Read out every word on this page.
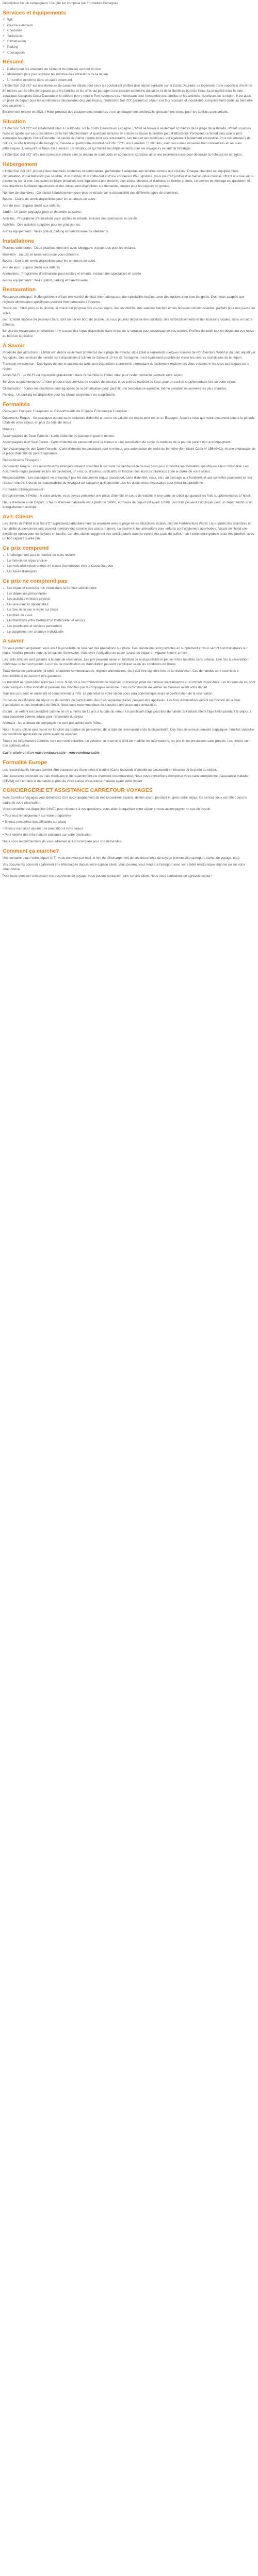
Description Ce joli campagnard ! Ce gîte est composé par Formalités Consignes

Services et équipements
✔ Wifi
✔ Pisicne extérieure
✔ Cheminée
✔ Télévision
✔ Climatisation
✔ Parking
✔ Coucageurs
Résumé
● Parfait pour les amateurs de calme et de plénière au bord du lieu
● Idéalement plus pour explorer les nombreuses attractions de la région
● Un confort moderne dans un cadre charmant

L'Hôtel Bon Sol d'O" est une demeure de caractère idéale pour ceux qui souhaitent profiter d'un séjour agréable sur la Costa Daurada. Le logement d'une superficie d'environ 50 mètres carrés offre de la place pour les familles et les amis qui partagent une passion commune du calme et de la liberté au bord de l'eau. Sa proximité avec le parc aquatique Aquopolis Costa Daurada et le célèbre port y rend le Port Aventura très intéressant pour l'ensemble des familles et les activités historiques de la région. Il est aussi un point de départ pour les nombreuses découvertes des vins locaux, l'Hôtel Bon Sol d'O" garantit un séjour à la fois reposant et inoubliable, complètement dédié au bien-être des vacanciers.

Entièrement rénové en 2021, l'Hôtel propose des équipements modernes et un aménagement confortable spécialement conçu pour les familles avec enfants.

Situation

L'Hôtel Bon Sol d'O" est idéalement situé à La Pineda, sur la Costa Daurada en Espagne. L'hôtel se trouve à seulement 50 mètres de la plage de la Pineda, offrant un accès facile et rapide aux eaux cristallines de la mer Méditerranée. À quelques minutes en voiture se trouve le célèbre parc d'attractions PortAventura World ainsi que le parc aquatique Aquopolis Costa Daurada. Le centre de Salou, réputé pour ses restaurants, ses bars et ses boutiques, est également facilement accessible. Pour les amateurs de culture, la ville historique de Tarragone, classée au patrimoine mondial de l'UNESCO, est à environ 15 minutes, avec ses ruines romaines bien conservées et ses rues pittoresques. L'aéroport de Reus est à environ 10 minutes, ce qui facilite les déplacements pour les voyageurs venant de l'étranger.

L'Hôtel Bon Sol d'O" offre une connexion idéale avec le réseau de transports en commun et constitue ainsi une excellente base pour découvrir la richesse de la région.

Hébergement

L'Hôtel Bon Sol d'O" propose des chambres modernes et confortables, parfaitement adaptées aux familles comme aux couples. Chaque chambre est équipée d'une climatisation, d'une télévision par satellite, d'un minibar, d'un coffre-fort et d'une connexion Wi-Fi gratuite. Vous pourrez profiter d'un balcon privé meublé, offrant une vue sur la piscine ou sur la mer. Les salles de bains privatives sont équipées d'une douche, d'un sèche-cheveux et d'articles de toilette gratuits. Le service de ménage est quotidien, et des chambres familiales spacieuses et des suites sont disponibles sur demande, idéales pour les séjours en groupe.

Nombre de chambres : Contactez l'établissement pour plus de détails sur la disponibilité des différents types de chambres.

Sports : Courts de tennis disponibles pour les amateurs de sport.

Aire de jeux : Espace dédié aux enfants.

Jardin : Un jardin paysager pour se détendre au calme.

Activités : Programme d'animations pour adultes et enfants, incluant des spectacles en soirée.

Activités : Des activités adaptées pour les plus jeunes.

Autres équipements : Wi-Fi gratuit, parking et blanchisserie de vêtements.

Installations

Piscines extérieures : Deux piscines, dont une avec toboggans et pour tous pour les enfants.

Bien-être : Jacuzzi et bains turcs pour vous détendre.

Sports : Courts de tennis disponibles pour les amateurs de sport.

Aire de jeux : Espace dédié aux enfants.

Animations : Programme d'animations pour adultes et enfants, incluant des spectacles en soirée.

Autres équipements : Wi-Fi gratuit, parking et blanchisserie.

Restauration

Restaurant principal : Buffet généreux offrant une variété de plats internationaux et des spécialités locales, avec des options pour tous les goûts. Des repas adaptés aux régimes alimentaires spécifiques peuvent être demandés à l'avance.

Snack-bar : Situé près de la piscine, le snack-bar propose des en-cas légers, des sandwichs, des salades fraîches et des boissons rafraîchissantes, parfaits pour une pause au soleil.

Bar : L'Hôtel dispose de plusieurs bars, dont un bar en bord de piscine, où vous pourrez déguster des cocktails, des rafraîchissements et des boissons locales, dans un cadre détendu.

Service de restauration en chambre : Il y a aussi des repas disponibles dans le bar de la terrasse pour accompagner vos soirées. Profitez du soleil tout en dégustant vos repas au bord de la piscine.

À Savoir

Proximité des attractions : L'hôtel est idéal à seulement 50 mètres de la plage de Pineda, situé idéal à seulement quelques minutes de PortAventura World et du parc aquatique Aquopolis. Des services de navette sont disponibles à 5,5 km de Salou et 10 km de Tarragone. Il est également possible de visiter les centres touristiques de la région.

Transport en commun : Des lignes de bus et stations de taxis sont disponibles à proximité, permettant de facilement explorer les villes voisines et les sites touristiques de la région.

Accès Wi-Fi : Le Wi-Fi est disponible gratuitement dans l'ensemble de l'hôtel, idéal pour rester connecté pendant votre séjour.

Services supplémentaires : L'hôtel propose des services de location de voitures et de prêt de matériel de loisir, pour un confort supplémentaire lors de votre séjour.

Climatisation : Toutes les chambres sont équipées de la climatisation pour garantir une température agréable, même pendant les journées les plus chaudes.

Parking : Un parking est disponible pour les clients moyennant un supplément.

Formalités

Passagers Français, Européens ou Ressortissants de l'Espace Économique Européen :

Documents Requis : Un passeport ou une carte nationale d'identité en cours de validité est requis pour entrer en Espagne. Assurez-vous que votre document couvre la période totale de votre séjour, en plus du délai de retour.

Mineurs :

Accompagnés de Deux Parents : Carte d'identité ou passeport pour le mineur.

Accompagnés d'un Seul Parent : Carte d'identité ou passeport pour le mineur et une autorisation de sortie du territoire de la part du parent non accompagnant.

Non Accompagnés des Deux Parents : Carte d'identité ou passeport pour le mineur, une autorisation de sortie du territoire (formulaire Cerfa n° 15646*01), et une photocopie de la pièce d'identité du parent signataire.

Ressortissants Étrangers :

Documents Requis : Les ressortissants étrangers doivent consulter le consulat ou l'ambassade de leur pays pour connaître les formalités spécifiques à leur nationalité. Les documents requis peuvent inclure un passeport, un visa, ou d'autres justificatifs en fonction des accords bilatéraux et de la durée de votre séjour.

Responsabilités : Les passagers ne présentant pas les documents requis (passeport, carte d'identité, visas, etc.) au passage aux frontières et aux contrôles pourraient se voir refuser l'entrée. Il est de la responsabilité du voyageur de s'assurer qu'il possède tous les documents nécessaires pour éviter tout problème.

Formalités d'Enregistrement :

Enregistrement à l'Hôtel : À votre arrivée, vous devrez présenter une pièce d'identité en cours de validité et une carte de crédit qui garantit les frais supplémentaires à l'hôtel.

Heure d'Arrivée et de Départ : L'heure d'arrivée habituelle est à partir de 14h00, et l'heure de départ est avant 10h00. Des frais peuvent s'appliquer pour un départ tardif ou un enregistrement anticipé.

Avis Clients

Les clients de l'Hôtel Bon Sol d'O" apprécient particulièrement sa proximité avec la plage et les attractions locales, comme PortAventura World. La propreté des chambres et l'amabilité du personnel sont souvent mentionnées comme des atouts majeurs. La piscine et les animations pour enfants sont également appréciées, faisant de l'hôtel une excellente option pour les séjours en famille. Certains clients suggèrent des améliorations dans la variété des plats du buffet, mais l'expérience globale reste très positive, avec un bon rapport qualité-prix.

Ce prix comprend
● L'hébergement pour le nombre de nuits réservé
● La formule de repas choisie
● Les vols aller-retour opérés en classe économique vers la Costa Daurada
● Les taxes d'aéroport
Ce prix ne comprend pas
● Les repas et boissons non inclus dans la formule sélectionnée
● Les dépenses personnelles
● Les activités et loisirs payants
● Les assurances optionnelles
● La taxe de séjour à régler sur place
● Les frais de visas
● Les transferts entre l'aéroport et l'hôtel (aller et retour)
● Les pourboires et services personnels
● Le supplément en chambre individuelle
A savoir

En vous portant acquéreur, vous avez la possibilité de réserver des prestations sur place. Ces prestations sont payantes en supplément et vous seront communiquées sur place. Veuillez prendre note qu'en cas de réservation, vous avez l'obligation de payer la taxe de séjour en vigueur à votre arrivée.

Les tarifs affichés sont garantis à la date de réservation. Les prix peuvent varier en fonction de la disponibilité et peuvent être modifiés sans préavis. Une fois la réservation confirmée, le tarif est garanti. Les frais de modification ou d'annulation peuvent s'appliquer selon les conditions de l'hôtel.

Toute demande particulière (lit bébé, chambres communicantes, régimes alimentaires, etc.) doit être signalée lors de la réservation. Ces demandes sont soumises à disponibilité et ne peuvent être garanties.

Le transfert aéroport-hôtel n'est pas inclus. Nous vous recommandons de réserver un transfert privé ou d'utiliser les transports en commun disponibles. Les horaires de vol sont communiqués à titre indicatif et peuvent être modifiés par la compagnie aérienne. Il est recommandé de vérifier les horaires avant votre départ.

Tous nos prix sont en euros (€) et comprennent la TVA. Le prix total de votre séjour vous sera communiqué avant la confirmation de la réservation.

En cas de modification du séjour ou de nombre de participants, des frais supplémentaires peuvent être appliqués. Les frais d'annulation varient en fonction de la date d'annulation et des conditions de l'hôtel. Nous vous recommandons de souscrire une assurance annulation.

Enfant : un enfant est considéré comme tel s'il a moins de 12 ans à la date du retour. Un justificatif d'âge peut être demandé. Si l'enfant atteint l'âge limite pendant le séjour, il sera considéré comme adulte pour l'ensemble du séjour.

Animaux : les animaux de compagnie ne sont pas admis dans l'hôtel.

Note : le prix affiché peut varier en fonction du nombre de personnes, de la date de réservation et de la disponibilité. Des frais de service peuvent s'appliquer. Veuillez consulter les conditions générales de vente avant de réserver.

Toutes les informations données sont non contractuelles. Le vendeur se réserve le droit de modifier les informations, les prix et les prestations sans préavis. Les photos sont non contractuelles.

Carte vitale et d'un non-remboursable - non-remboursable
Formalité Europe

Les ressortissants français doivent être possesseurs d'une pièce d'identité (Carte nationale d'identité ou passeport) en fonction de la durée du séjour.

Une assurance couvrant les frais médicaux et de rapatriement est vivement recommandée. Nous vous conseillons d'emporter votre carte européenne d'assurance maladie (CEAM) ou d'en faire la demande auprès de votre caisse d'assurance maladie avant votre départ.

CONCIERGERIE ET ASSISTANCE CARREFOUR VOYAGES

Avec Carrefour Voyages vous bénéficiez d'un accompagnement de nos conseillers experts, dédiés avant, pendant et après votre séjour. Ce service vous est offert dans le cadre de votre réservation.

Votre conseiller est disponible 24h/7J pour répondre à vos questions, vous aider à organiser votre séjour et vous accompagner en cas de besoin.

• Pour tout renseignement sur votre programme

• Si vous rencontrez des difficultés sur place

• Si vous souhaitez ajouter une prestation à votre séjour

• Pour obtenir des informations pratiques sur votre destination

Nous vous recommandons de vous adresser à la conciergerie pour vos demandes.

Comment ça marche?

Une semaine avant votre départ (J-7), vous recevrez par mail, le lien de téléchargement de vos documents de voyage (convocation aéroport, carnet de voyage, etc.).

Vos documents pourront également être téléchargés depuis votre espace client. Vous pourrez vous rendre à l'aéroport avec votre billet électronique imprimé ou sur votre smartphone.

Pour toute question concernant vos documents de voyage, vous pouvez contacter notre service client. Nous vous souhaitons un agréable séjour !
